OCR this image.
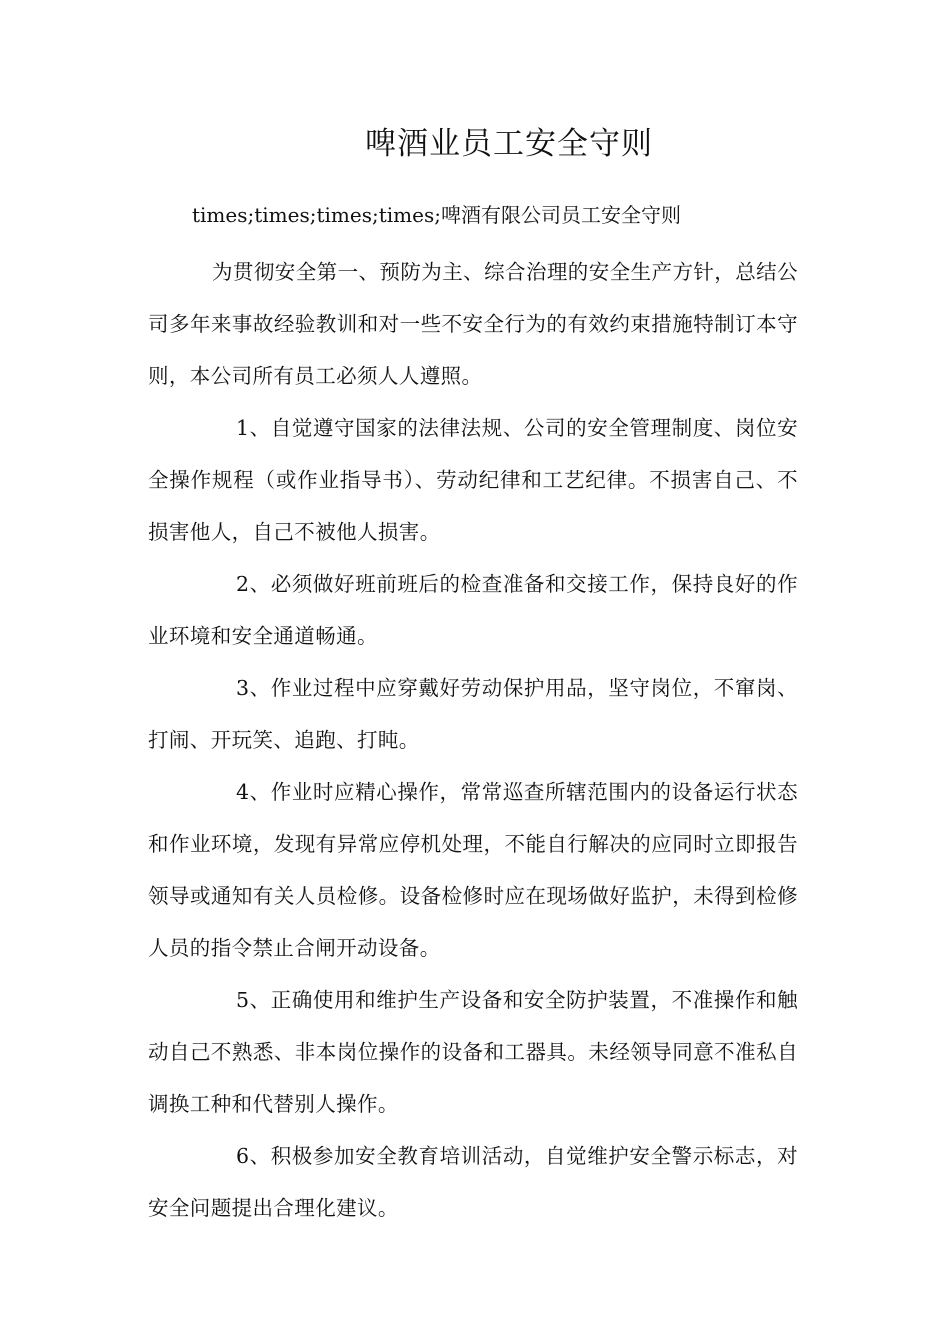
啤酒业员工安全守则
times;times;times;times;啤酒有限公司员工安全守则

为贯彻安全第一、预防为主、综合治理的安全生产方针，总结公司多年来事故经验教训和对一些不安全行为的有效约束措施特制订本守则，本公司所有员工必须人人遵照。

1、自觉遵守国家的法律法规、公司的安全管理制度、岗位安全操作规程（或作业指导书）、劳动纪律和工艺纪律。不损害自己、不损害他人，自己不被他人损害。

2、必须做好班前班后的检查准备和交接工作，保持良好的作业环境和安全通道畅通。

3、作业过程中应穿戴好劳动保护用品，坚守岗位，不窜岗、打闹、开玩笑、追跑、打盹。

4、作业时应精心操作，常常巡查所辖范围内的设备运行状态和作业环境，发现有异常应停机处理，不能自行解决的应同时立即报告领导或通知有关人员检修。设备检修时应在现场做好监护，未得到检修人员的指令禁止合闸开动设备。

5、正确使用和维护生产设备和安全防护装置，不准操作和触动自己不熟悉、非本岗位操作的设备和工器具。未经领导同意不准私自调换工种和代替别人操作。

6、积极参加安全教育培训活动，自觉维护安全警示标志，对安全问题提出合理化建议。
